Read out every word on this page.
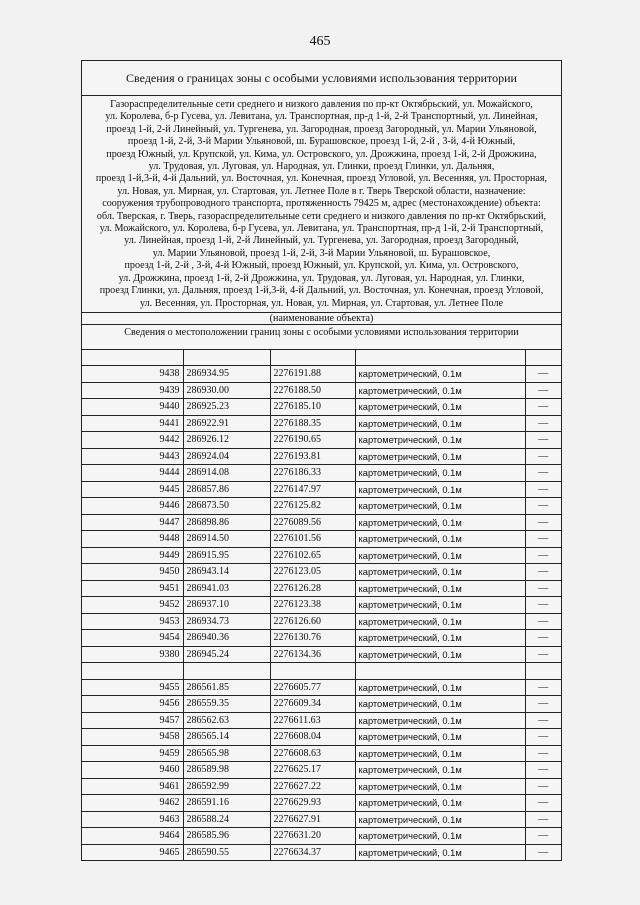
465
Сведения о границах зоны с особыми условиями использования территории
Газораспределительные сети среднего и низкого давления по пр-кт Октябрьский, ул. Можайского,
ул. Королева, б-р Гусева, ул. Левитана, ул. Транспортная, пр-д 1-й, 2-й Транспортный, ул. Линейная,
проезд 1-й, 2-й Линейный, ул. Тургенева, ул. Загородная, проезд Загородный, ул. Марии Ульяновой,
проезд 1-й, 2-й, 3-й Марии Ульяновой, ш. Бурашовское, проезд 1-й, 2-й , 3-й, 4-й Южный,
проезд Южный, ул. Крупской, ул. Кима, ул. Островского, ул. Дрожжина, проезд 1-й, 2-й Дрожжина,
ул. Трудовая, ул. Луговая, ул. Народная, ул. Глинки, проезд Глинки, ул. Дальняя,
проезд 1-й,3-й, 4-й Дальний, ул. Восточная, ул. Конечная, проезд Угловой, ул. Весенняя, ул. Просторная,
ул. Новая, ул. Мирная, ул. Стартовая, ул. Летнее Поле в г. Тверь Тверской области, назначение:
сооружения трубопроводного транспорта, протяженность 79425 м, адрес (местонахождение) объекта:
обл. Тверская, г. Тверь, газораспределительные сети среднего и низкого давления по пр-кт Октябрьский,
ул. Можайского, ул. Королева, б-р Гусева, ул. Левитана, ул. Транспортная, пр-д 1-й, 2-й Транспортный,
ул. Линейная, проезд 1-й, 2-й Линейный, ул. Тургенева, ул. Загородная, проезд Загородный,
ул. Марии Ульяновой, проезд 1-й, 2-й, 3-й Марии Ульяновой, ш. Бурашовское,
проезд 1-й, 2-й , 3-й, 4-й Южный, проезд Южный, ул. Крупской, ул. Кима, ул. Островского,
ул. Дрожжина, проезд 1-й, 2-й Дрожжина, ул. Трудовая, ул. Луговая, ул. Народная, ул. Глинки,
проезд Глинки, ул. Дальняя, проезд 1-й,3-й, 4-й Дальний, ул. Восточная, ул. Конечная, проезд Угловой,
ул. Весенняя, ул. Просторная, ул. Новая, ул. Мирная, ул. Стартовая, ул. Летнее Поле
(наименование объекта)
Сведения о местоположении границ зоны с особыми условиями использования территории

9438	286934.95	2276191.88	картометрический, 0.1м	—
9439	286930.00	2276188.50	картометрический, 0.1м	—
9440	286925.23	2276185.10	картометрический, 0.1м	—
9441	286922.91	2276188.35	картометрический, 0.1м	—
9442	286926.12	2276190.65	картометрический, 0.1м	—
9443	286924.04	2276193.81	картометрический, 0.1м	—
9444	286914.08	2276186.33	картометрический, 0.1м	—
9445	286857.86	2276147.97	картометрический, 0.1м	—
9446	286873.50	2276125.82	картометрический, 0.1м	—
9447	286898.86	2276089.56	картометрический, 0.1м	—
9448	286914.50	2276101.56	картометрический, 0.1м	—
9449	286915.95	2276102.65	картометрический, 0.1м	—
9450	286943.14	2276123.05	картометрический, 0.1м	—
9451	286941.03	2276126.28	картометрический, 0.1м	—
9452	286937.10	2276123.38	картометрический, 0.1м	—
9453	286934.73	2276126.60	картометрический, 0.1м	—
9454	286940.36	2276130.76	картометрический, 0.1м	—
9380	286945.24	2276134.36	картометрический, 0.1м	—

9455	286561.85	2276605.77	картометрический, 0.1м	—
9456	286559.35	2276609.34	картометрический, 0.1м	—
9457	286562.63	2276611.63	картометрический, 0.1м	—
9458	286565.14	2276608.04	картометрический, 0.1м	—
9459	286565.98	2276608.63	картометрический, 0.1м	—
9460	286589.98	2276625.17	картометрический, 0.1м	—
9461	286592.99	2276627.22	картометрический, 0.1м	—
9462	286591.16	2276629.93	картометрический, 0.1м	—
9463	286588.24	2276627.91	картометрический, 0.1м	—
9464	286585.96	2276631.20	картометрический, 0.1м	—
9465	286590.55	2276634.37	картометрический, 0.1м	—
